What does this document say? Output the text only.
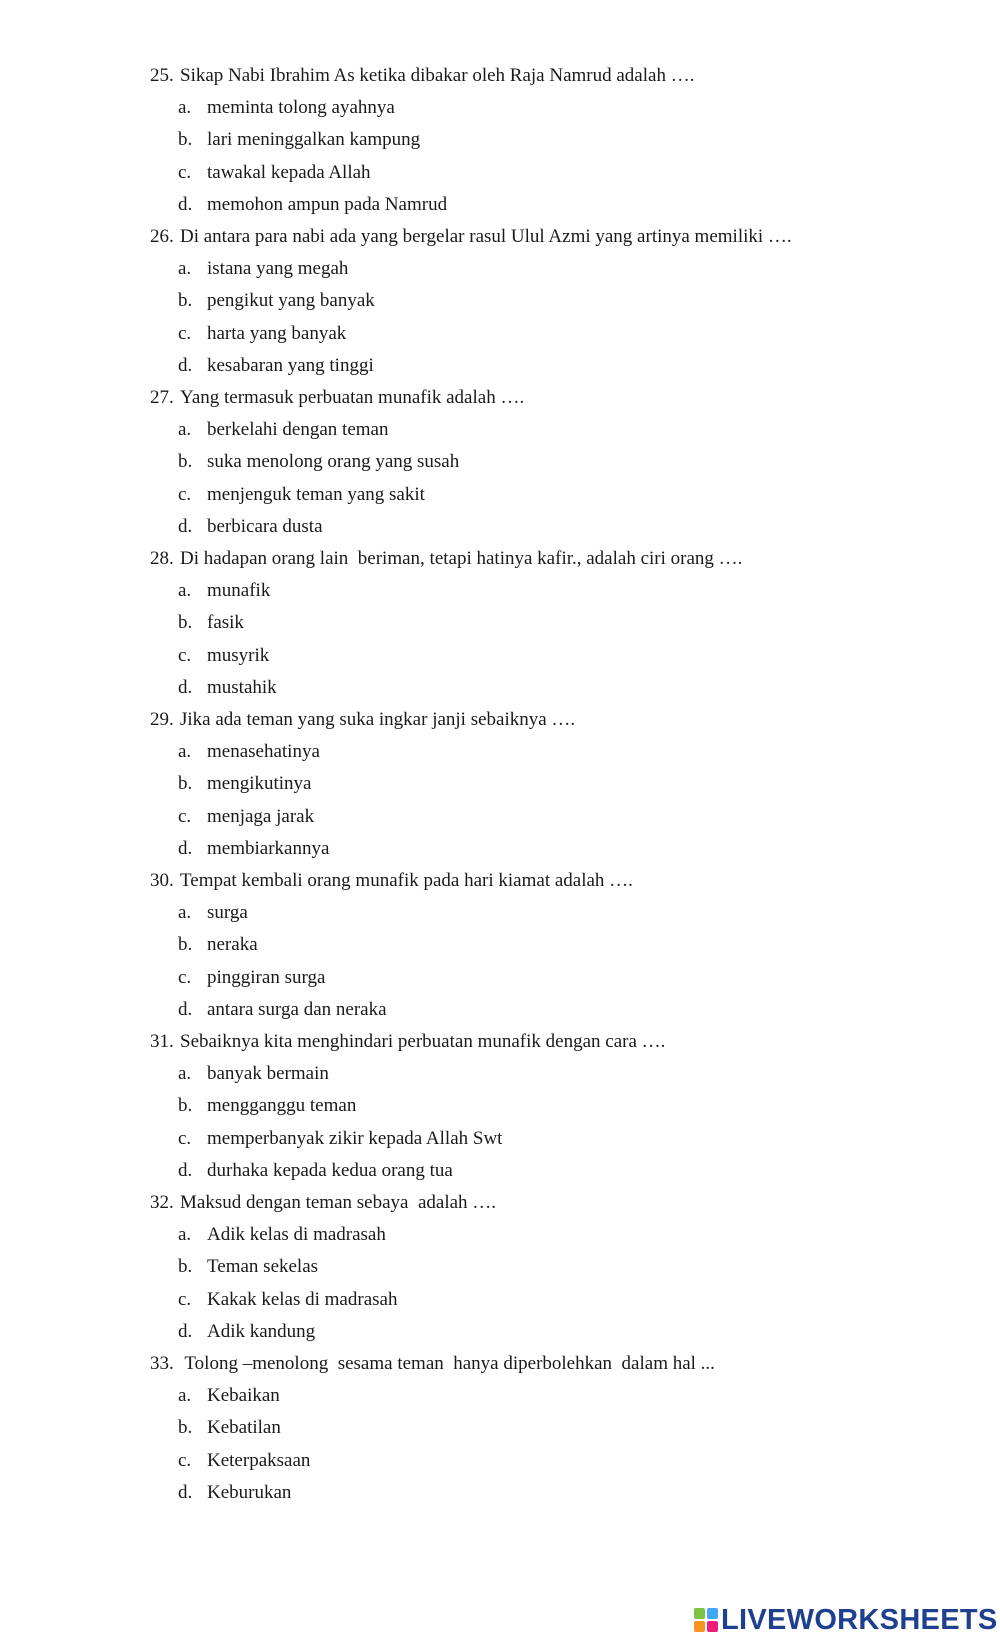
25. Sikap Nabi Ibrahim As ketika dibakar oleh Raja Namrud adalah ….
a. meminta tolong ayahnya
b. lari meninggalkan kampung
c. tawakal kepada Allah
d. memohon ampun pada Namrud
26. Di antara para nabi ada yang bergelar rasul Ulul Azmi yang artinya memiliki ….
a. istana yang megah
b. pengikut yang banyak
c. harta yang banyak
d. kesabaran yang tinggi
27. Yang termasuk perbuatan munafik adalah ….
a. berkelahi dengan teman
b. suka menolong orang yang susah
c. menjenguk teman yang sakit
d. berbicara dusta
28. Di hadapan orang lain  beriman, tetapi hatinya kafir., adalah ciri orang ….
a. munafik
b. fasik
c. musyrik
d. mustahik
29. Jika ada teman yang suka ingkar janji sebaiknya ….
a. menasehatinya
b. mengikutinya
c. menjaga jarak
d. membiarkannya
30. Tempat kembali orang munafik pada hari kiamat adalah ….
a. surga
b. neraka
c. pinggiran surga
d. antara surga dan neraka
31. Sebaiknya kita menghindari perbuatan munafik dengan cara ….
a. banyak bermain
b. mengganggu teman
c. memperbanyak zikir kepada Allah Swt
d. durhaka kepada kedua orang tua
32. Maksud dengan teman sebaya  adalah ….
a. Adik kelas di madrasah
b. Teman sekelas
c. Kakak kelas di madrasah
d. Adik kandung
33. Tolong –menolong  sesama teman  hanya diperbolehkan  dalam hal ...
a. Kebaikan
b. Kebatilan
c. Keterpaksaan
d. Keburukan
LIVEWORKSHEETS
